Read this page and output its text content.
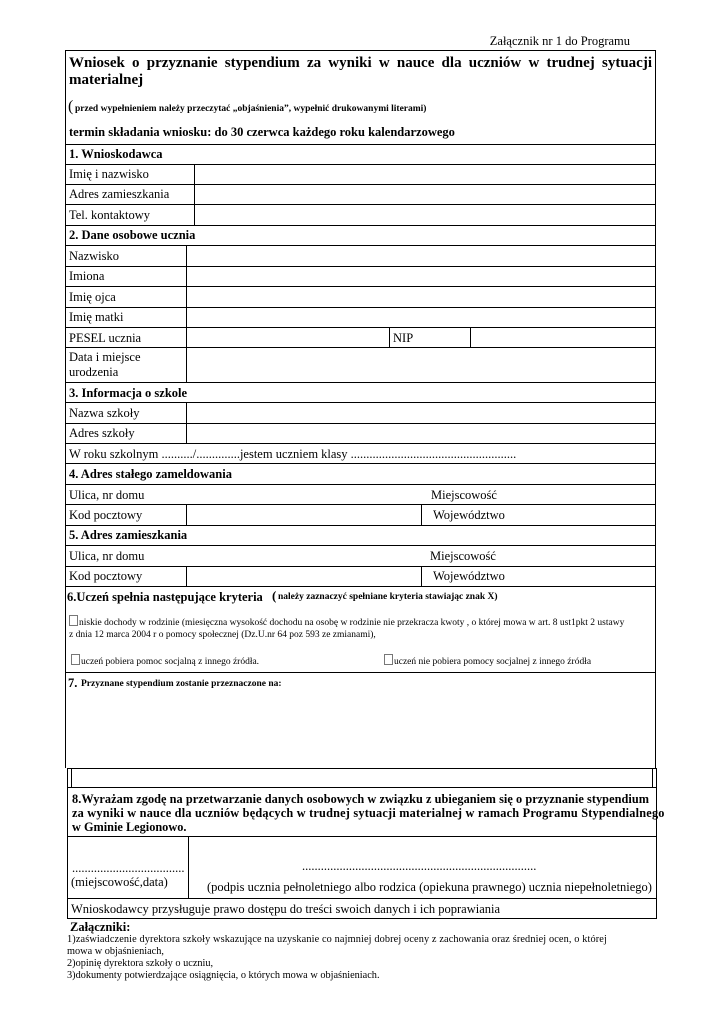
Załącznik nr 1 do Programu
Wniosek o przyznanie stypendium za wyniki w nauce dla uczniów w trudnej sytuacji materialnej
( przed wypełnieniem należy przeczytać „objaśnienia”, wypełnić drukowanymi literami)
termin składania wniosku: do 30 czerwca każdego roku kalendarzowego
1. Wnioskodawca
Imię i nazwisko
Adres zamieszkania
Tel. kontaktowy
2. Dane osobowe ucznia
Nazwisko
Imiona
Imię ojca
Imię matki
PESEL ucznia	NIP
Data i miejsce
urodzenia
3. Informacja o szkole
Nazwa szkoły
Adres szkoły
W roku szkolnym ........../..............jestem uczniem klasy .....................................................
4. Adres stałego zameldowania
Ulica, nr domu	Miejscowość
Kod pocztowy	Województwo
5. Adres zamieszkania
Ulica, nr domu	Miejscowość
Kod pocztowy	Województwo
6.Uczeń spełnia następujące kryteria ( należy zaznaczyć spełniane kryteria stawiając znak X)
niskie dochody w rodzinie (miesięczna wysokość dochodu na osobę w rodzinie nie przekracza kwoty , o której mowa w art. 8 ust1pkt 2 ustawy
z dnia 12 marca 2004 r o pomocy społecznej (Dz.U.nr 64 poz 593 ze zmianami),
uczeń pobiera pomoc socjalną z innego źródła.	uczeń nie pobiera pomocy socjalnej z innego źródła
7. Przyznane stypendium zostanie przeznaczone na:
8.Wyrażam zgodę na przetwarzanie danych osobowych w związku z ubieganiem się o przyznanie stypendium
za wyniki w nauce dla uczniów będących w trudnej sytuacji materialnej w ramach Programu Stypendialnego
w Gminie Legionowo.
....................................
(miejscowość,data)
...........................................................................
(podpis ucznia pełnoletniego albo rodzica (opiekuna prawnego) ucznia niepełnoletniego)
Wnioskodawcy przysługuje prawo dostępu do treści swoich danych i ich poprawiania
Załączniki:
1)zaświadczenie dyrektora szkoły wskazujące na uzyskanie co najmniej dobrej oceny z zachowania oraz średniej ocen, o której
mowa w objaśnieniach,
2)opinię dyrektora szkoły o uczniu,
3)dokumenty potwierdzające osiągnięcia, o których mowa w objaśnieniach.
